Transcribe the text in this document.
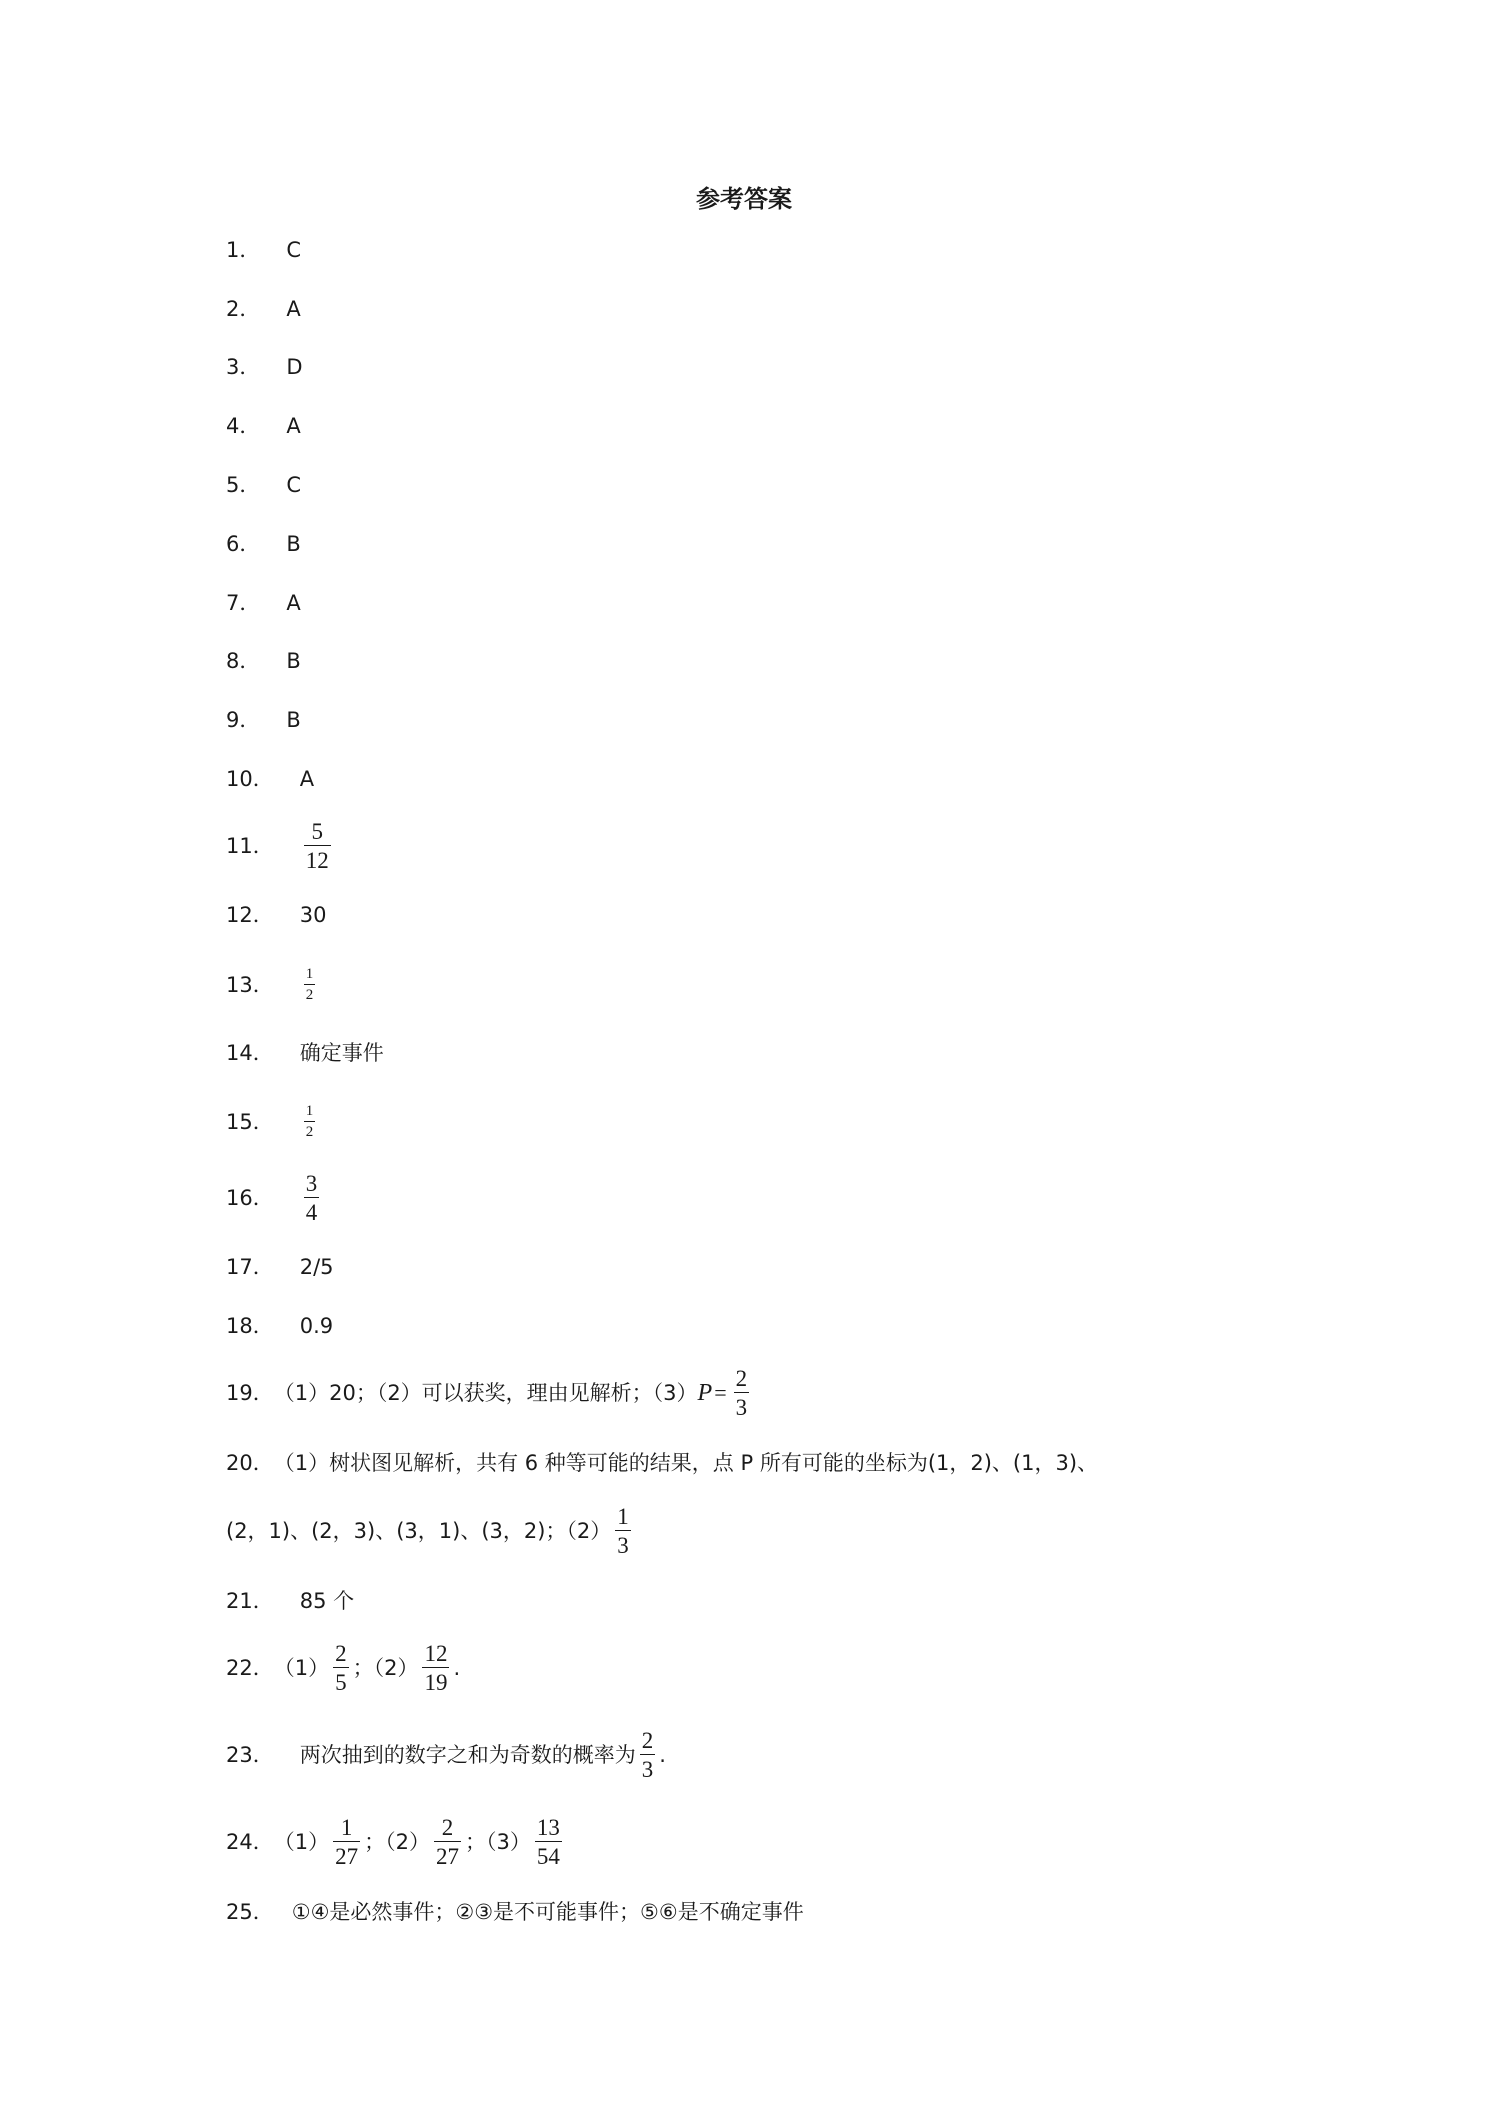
参考答案
1． C
2． A
3． D
4． A
5． C
6． B
7． A
8． B
9． B
10． A
11． $\frac{5}{12}$
12． 30
13． $\frac{1}{2}$
14． 确定事件
15． $\frac{1}{2}$
16． $\frac{3}{4}$
17． 2/5
18． 0.9
19． （1）20；（2）可以获奖，理由见解析；（3） $P = \frac{2}{3}$
20． （1）树状图见解析，共有 6 种等可能的结果，点 P 所有可能的坐标为(1，2)、(1，3)、
(2，1)、(2，3)、(3，1)、(3，2)；$(2) \frac{1}{3}$
21． 85 个
22． $(1) \frac{2}{5}$ ；$(2) \frac{12}{19}$ .
23． 两次抽到的数字之和为奇数的概率为 $\frac{2}{3}$ .
24． $(1) \frac{1}{27}$ ；$(2) \frac{2}{27}$ ；$(3) \frac{13}{54}$
25． ① ④ 是必然事件； ② ③ 是不可能事件； ⑤ ⑥ 是不确定事件
